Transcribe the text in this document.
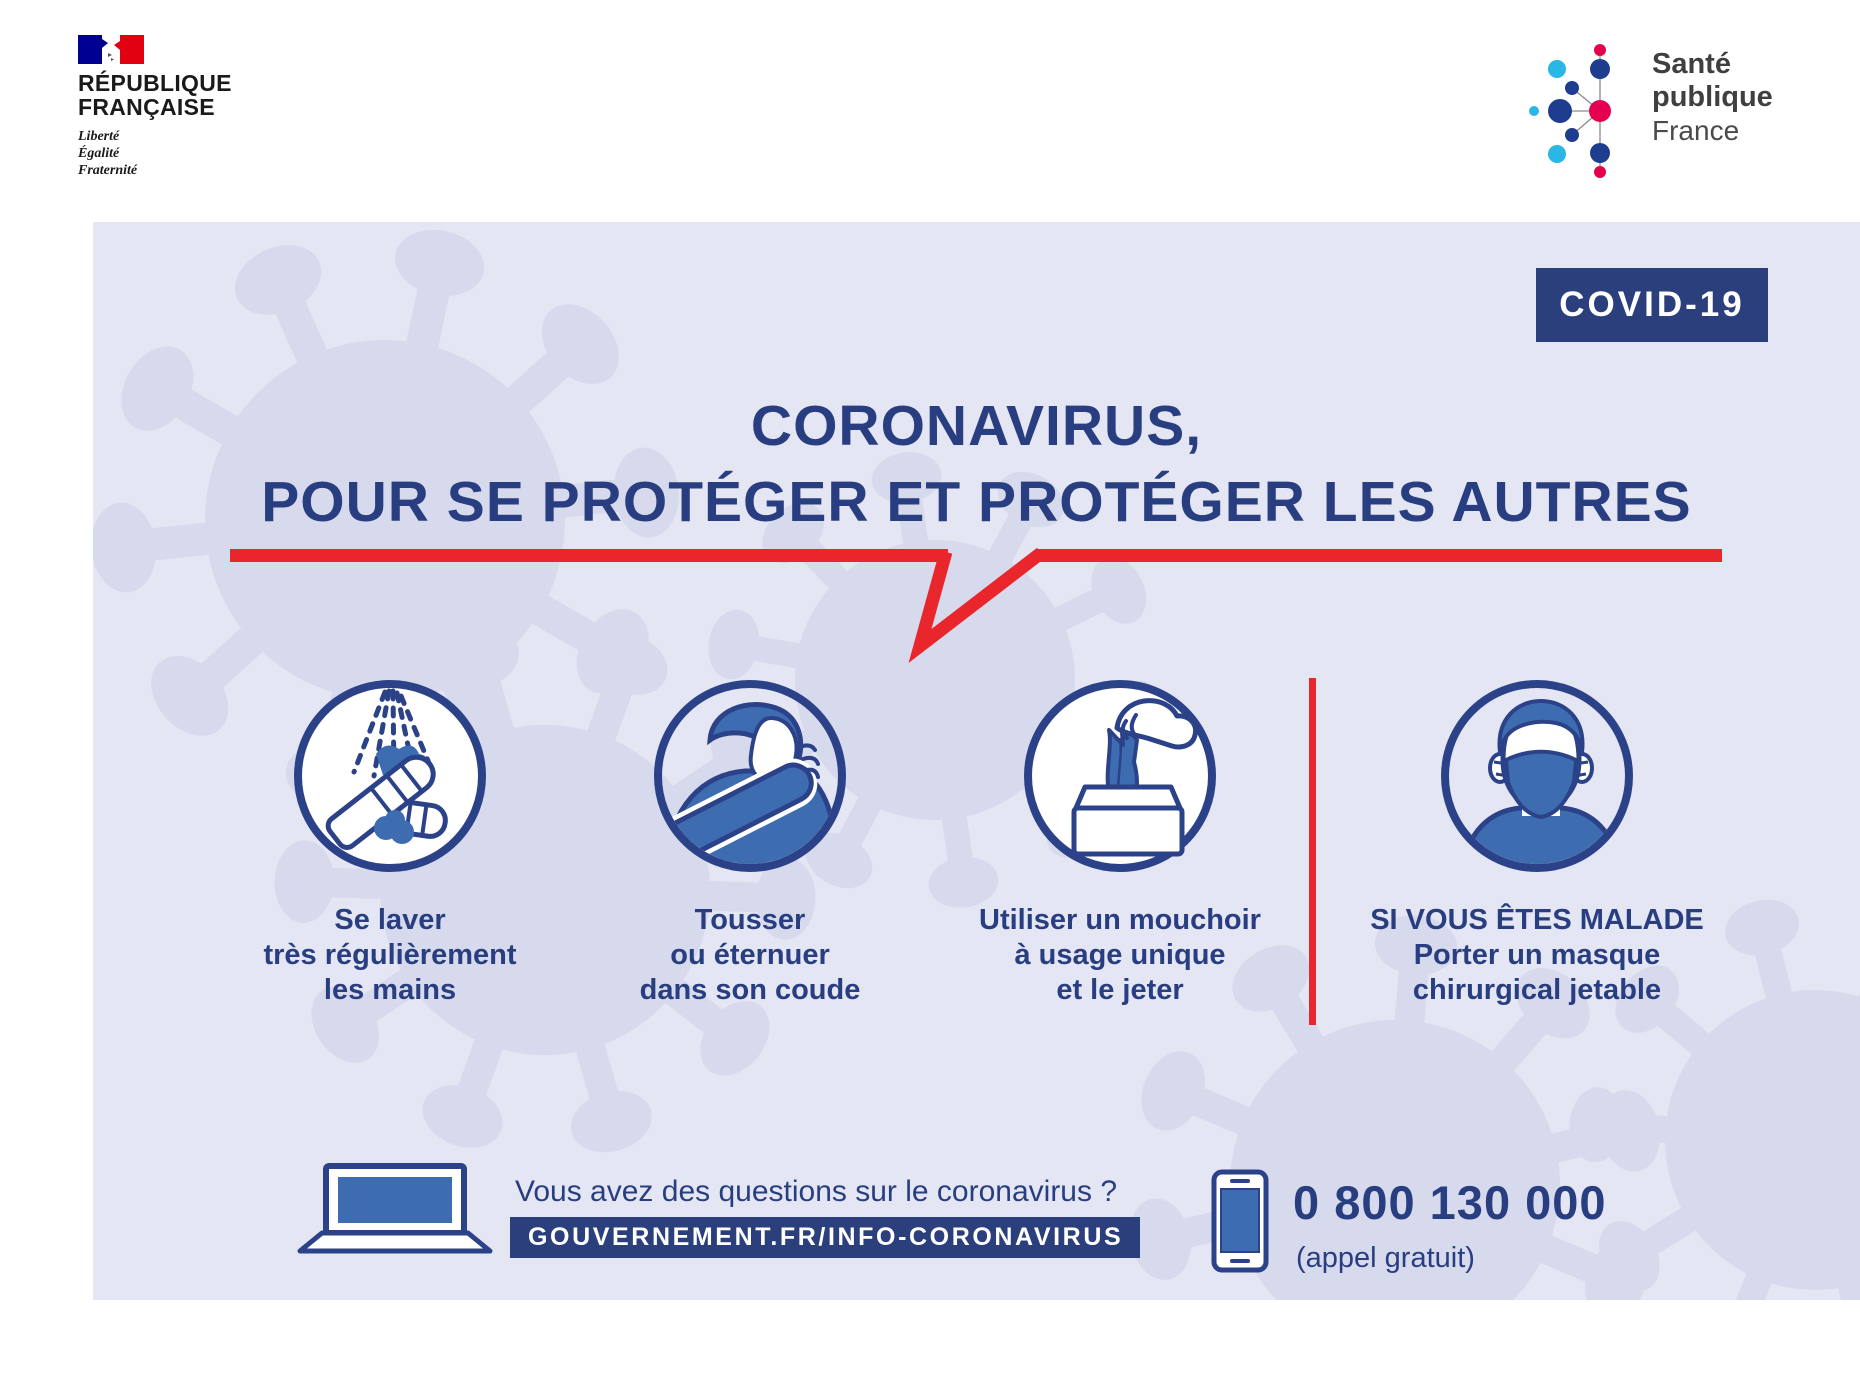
RÉPUBLIQUE
FRANÇAISE
Liberté
Égalité
Fraternité
Santé
publique
France
COVID-19
CORONAVIRUS,
POUR SE PROTÉGER ET PROTÉGER LES AUTRES
Se laver
très régulièrement
les mains
Tousser
ou éternuer
dans son coude
Utiliser un mouchoir
à usage unique
et le jeter
SI VOUS ÊTES MALADE
Porter un masque
chirurgical jetable
Vous avez des questions sur le coronavirus ?
GOUVERNEMENT.FR/INFO-CORONAVIRUS
0 800 130 000
(appel gratuit)
